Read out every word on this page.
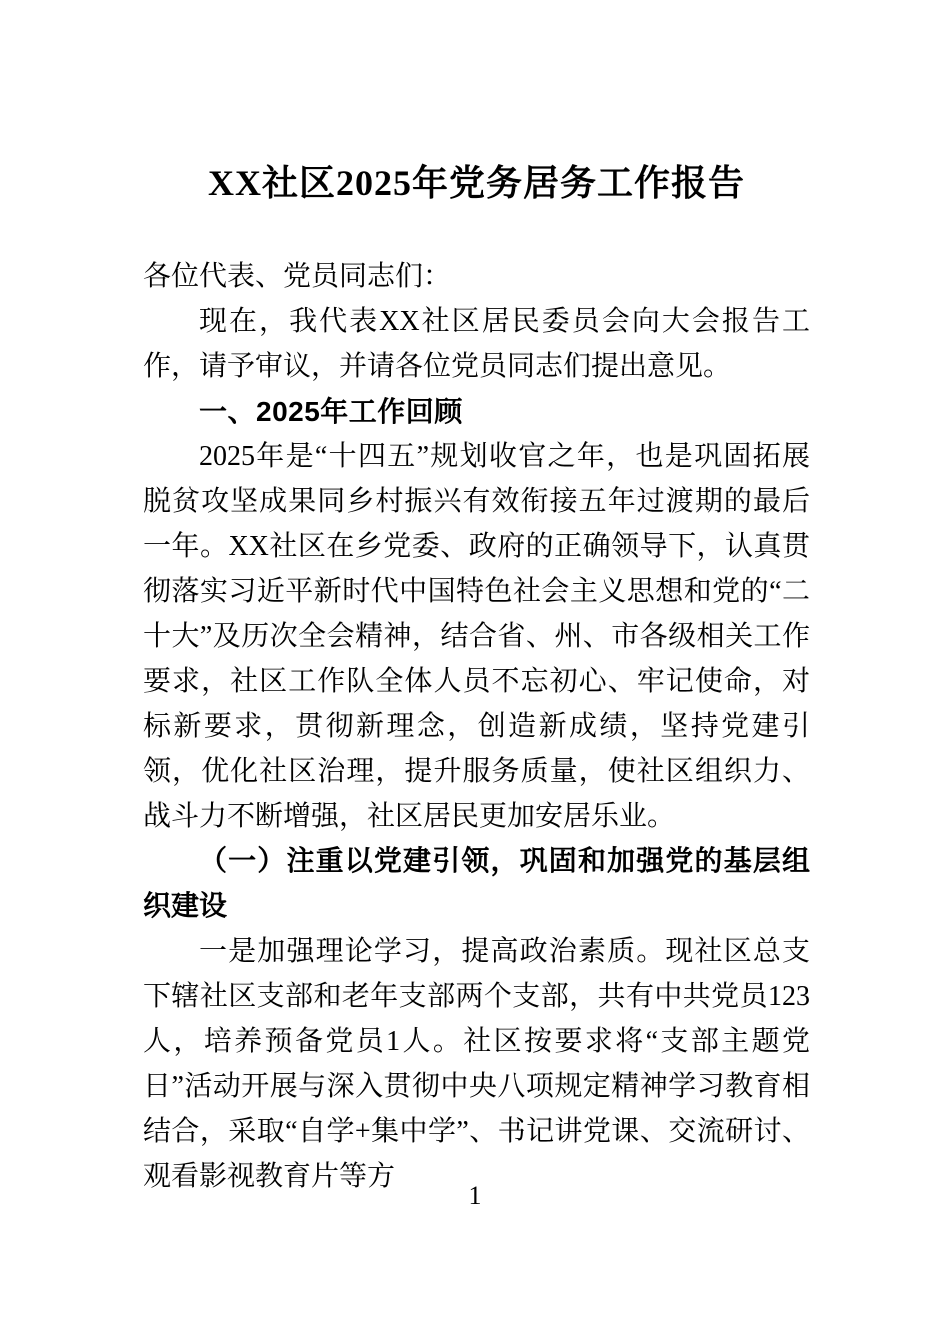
XX社区2025年党务居务工作报告

各位代表、党员同志们：

现在，我代表XX社区居民委员会向大会报告工作，请予审议，并请各位党员同志们提出意见。

一、2025年工作回顾

2025年是“十四五”规划收官之年，也是巩固拓展脱贫攻坚成果同乡村振兴有效衔接五年过渡期的最后一年。XX社区在乡党委、政府的正确领导下，认真贯彻落实习近平新时代中国特色社会主义思想和党的“二十大”及历次全会精神，结合省、州、市各级相关工作要求，社区工作队全体人员不忘初心、牢记使命，对标新要求，贯彻新理念，创造新成绩，坚持党建引领，优化社区治理，提升服务质量，使社区组织力、战斗力不断增强，社区居民更加安居乐业。

（一）注重以党建引领，巩固和加强党的基层组织建设

一是加强理论学习，提高政治素质。现社区总支下辖社区支部和老年支部两个支部，共有中共党员123人，培养预备党员1人。社区按要求将“支部主题党日”活动开展与深入贯彻中央八项规定精神学习教育相结合，采取“自学+集中学”、书记讲党课、交流研讨、观看影视教育片等方

1
